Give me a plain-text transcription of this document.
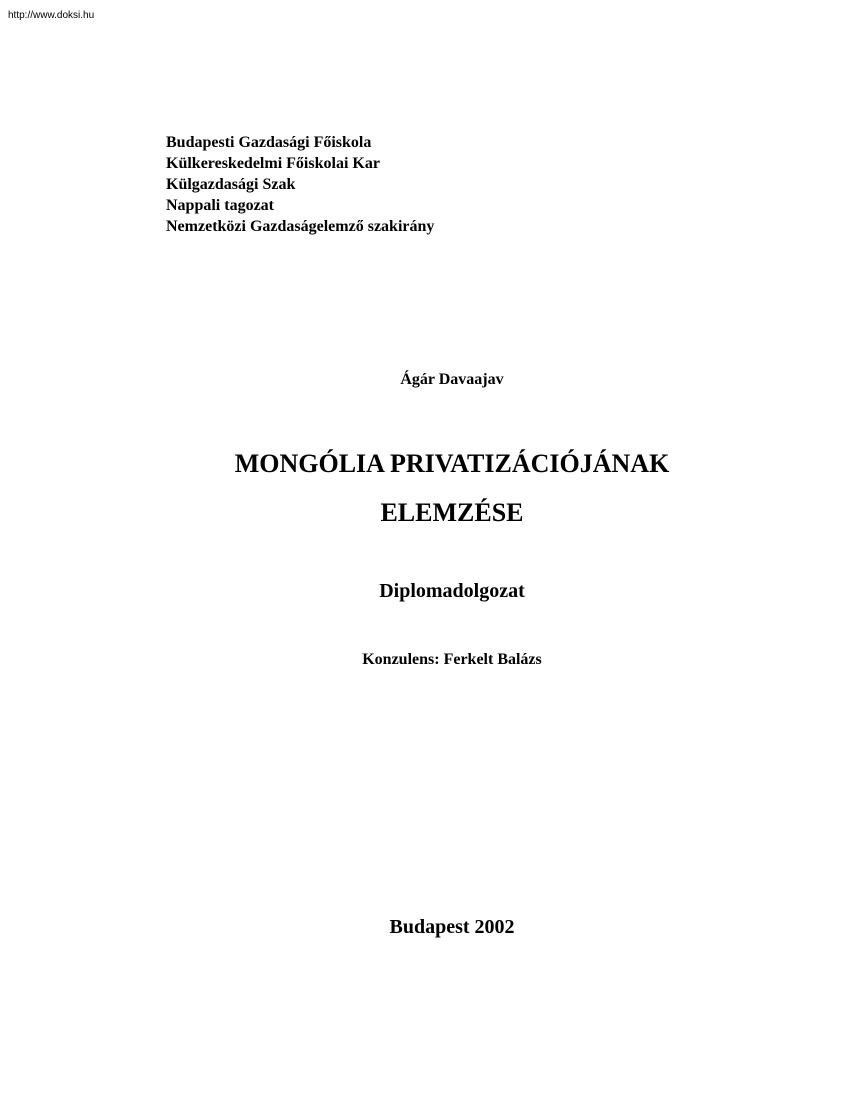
http://www.doksi.hu
Budapesti Gazdasági Főiskola
Külkereskedelmi Főiskolai Kar
Külgazdasági Szak
Nappali tagozat
Nemzetközi Gazdaságelemző szakirány
Ágár Davaajav
MONGÓLIA PRIVATIZÁCIÓJÁNAK
ELEMZÉSE
Diplomadolgozat
Konzulens: Ferkelt Balázs
Budapest 2002
